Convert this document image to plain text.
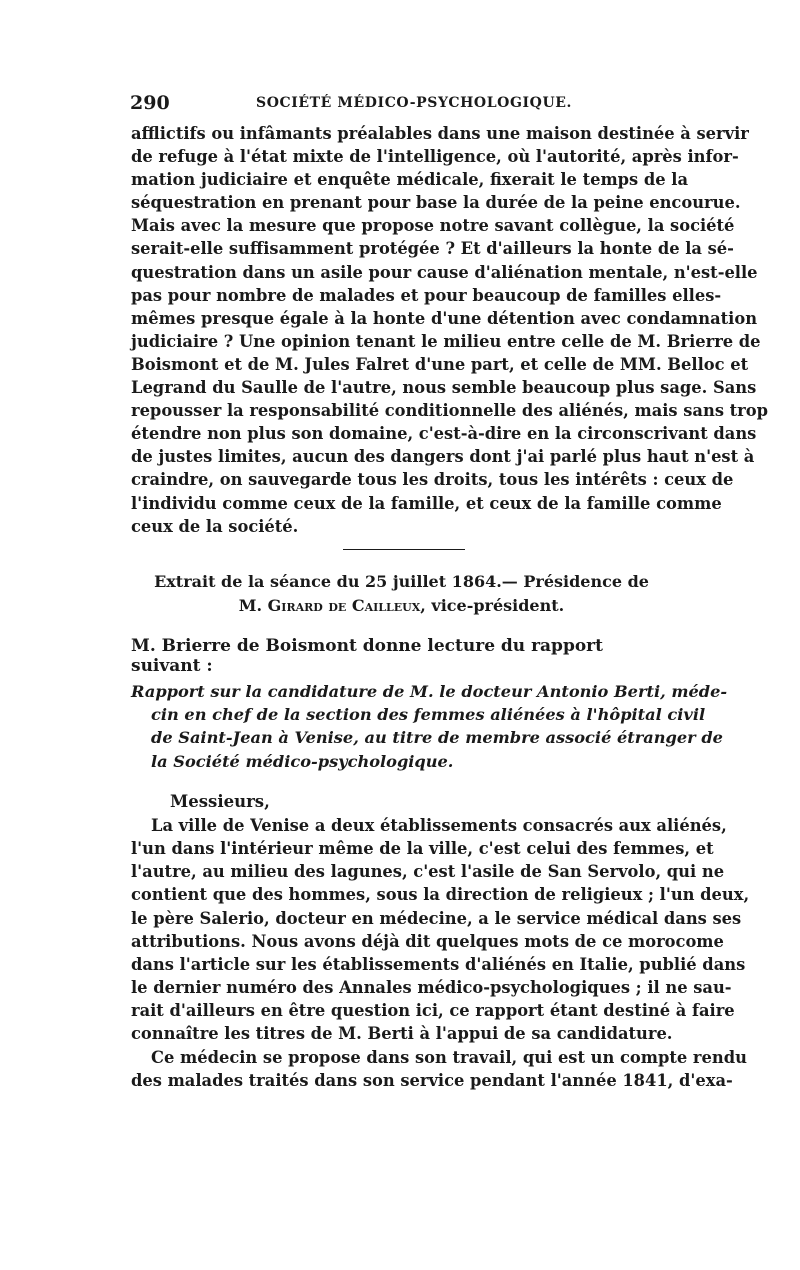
290	SOCIÉTÉ MÉDICO-PSYCHOLOGIQUE.
afflictifs ou infâmants préalables dans une maison destinée à servir
de refuge à l'état mixte de l'intelligence, où l'autorité, après infor-
mation judiciaire et enquête médicale, fixerait le temps de la
séquestration en prenant pour base la durée de la peine encourue.
Mais avec la mesure que propose notre savant collègue, la société
serait-elle suffisamment protégée ? Et d'ailleurs la honte de la sé-
questration dans un asile pour cause d'aliénation mentale, n'est-elle
pas pour nombre de malades et pour beaucoup de familles elles-
mêmes presque égale à la honte d'une détention avec condamnation
judiciaire ? Une opinion tenant le milieu entre celle de M. Brierre de
Boismont et de M. Jules Falret d'une part, et celle de MM. Belloc et
Legrand du Saulle de l'autre, nous semble beaucoup plus sage. Sans
repousser la responsabilité conditionnelle des aliénés, mais sans trop
étendre non plus son domaine, c'est-à-dire en la circonscrivant dans
de justes limites, aucun des dangers dont j'ai parlé plus haut n'est à
craindre, on sauvegarde tous les droits, tous les intérêts : ceux de
l'individu comme ceux de la famille, et ceux de la famille comme
ceux de la société.
Extrait de la séance du 25 juillet 1864.— Présidence de
M. Girard de Cailleux, vice-président.
M. Brierre de Boismont donne lecture du rapport suivant :
Rapport sur la candidature de M. le docteur Antonio Berti, méde-
cin en chef de la section des femmes aliénées à l'hôpital civil
de Saint-Jean à Venise, au titre de membre associé étranger de
la Société médico-psychologique.
Messieurs,
La ville de Venise a deux établissements consacrés aux aliénés,
l'un dans l'intérieur même de la ville, c'est celui des femmes, et
l'autre, au milieu des lagunes, c'est l'asile de San Servolo, qui ne
contient que des hommes, sous la direction de religieux ; l'un deux,
le père Salerio, docteur en médecine, a le service médical dans ses
attributions. Nous avons déjà dit quelques mots de ce morocome
dans l'article sur les établissements d'aliénés en Italie, publié dans
le dernier numéro des Annales médico-psychologiques ; il ne sau-
rait d'ailleurs en être question ici, ce rapport étant destiné à faire
connaître les titres de M. Berti à l'appui de sa candidature.
Ce médecin se propose dans son travail, qui est un compte rendu
des malades traités dans son service pendant l'année 1841, d'exa-
